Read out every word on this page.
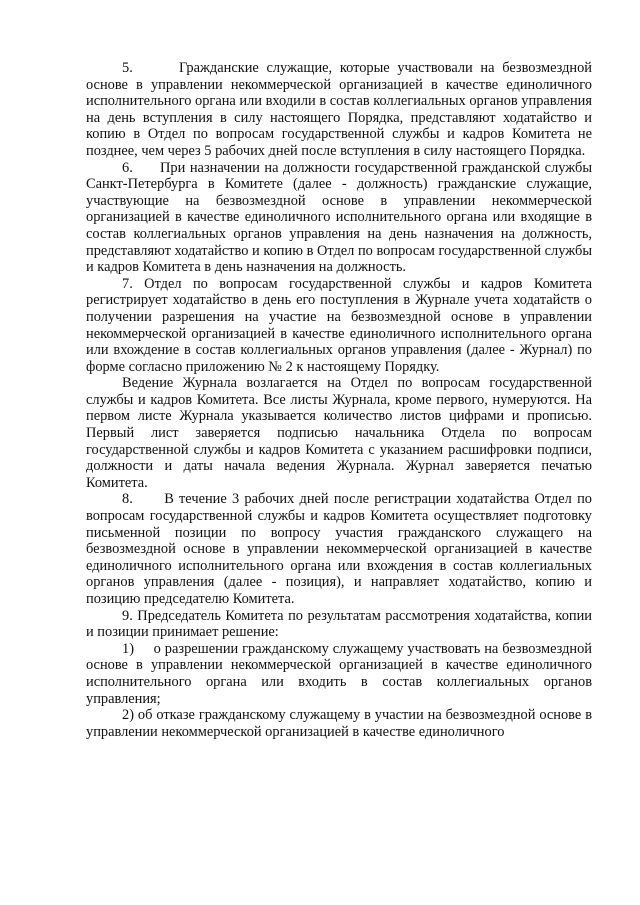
5.      Гражданские служащие, которые участвовали на безвозмездной основе в управлении некоммерческой организацией в качестве единоличного исполнительного органа или входили в состав коллегиальных органов управления на день вступления в силу настоящего Порядка, представляют ходатайство и копию в Отдел по вопросам государственной службы и кадров Комитета не позднее, чем через 5 рабочих дней после вступления в силу настоящего Порядка.

6.      При назначении на должности государственной гражданской службы Санкт-Петербурга в Комитете (далее - должность) гражданские служащие, участвующие на безвозмездной основе в управлении некоммерческой организацией в качестве единоличного исполнительного органа или входящие в состав коллегиальных органов управления на день назначения на должность, представляют ходатайство и копию в Отдел по вопросам государственной службы и кадров Комитета в день назначения на должность.

7. Отдел по вопросам государственной службы и кадров Комитета регистрирует ходатайство в день его поступления в Журнале учета ходатайств о получении разрешения на участие на безвозмездной основе в управлении некоммерческой организацией в качестве единоличного исполнительного органа или вхождение в состав коллегиальных органов управления (далее - Журнал) по форме согласно приложению № 2 к настоящему Порядку.

Ведение Журнала возлагается на Отдел по вопросам государственной службы и кадров Комитета. Все листы Журнала, кроме первого, нумеруются. На первом листе Журнала указывается количество листов цифрами и прописью. Первый лист заверяется подписью начальника Отдела по вопросам государственной службы и кадров Комитета с указанием расшифровки подписи, должности и даты начала ведения Журнала. Журнал заверяется печатью Комитета.

8.      В течение 3 рабочих дней после регистрации ходатайства Отдел по вопросам государственной службы и кадров Комитета осуществляет подготовку письменной позиции по вопросу участия гражданского служащего на безвозмездной основе в управлении некоммерческой организацией в качестве единоличного исполнительного органа или вхождения в состав коллегиальных органов управления (далее - позиция), и направляет ходатайство, копию и позицию председателю Комитета.

9. Председатель Комитета по результатам рассмотрения ходатайства, копии и позиции принимает решение:

1)     о разрешении гражданскому служащему участвовать на безвозмездной основе в управлении некоммерческой организацией в качестве единоличного исполнительного органа или входить в состав коллегиальных органов управления;

2) об отказе гражданскому служащему в участии на безвозмездной основе в управлении некоммерческой организацией в качестве единоличного
